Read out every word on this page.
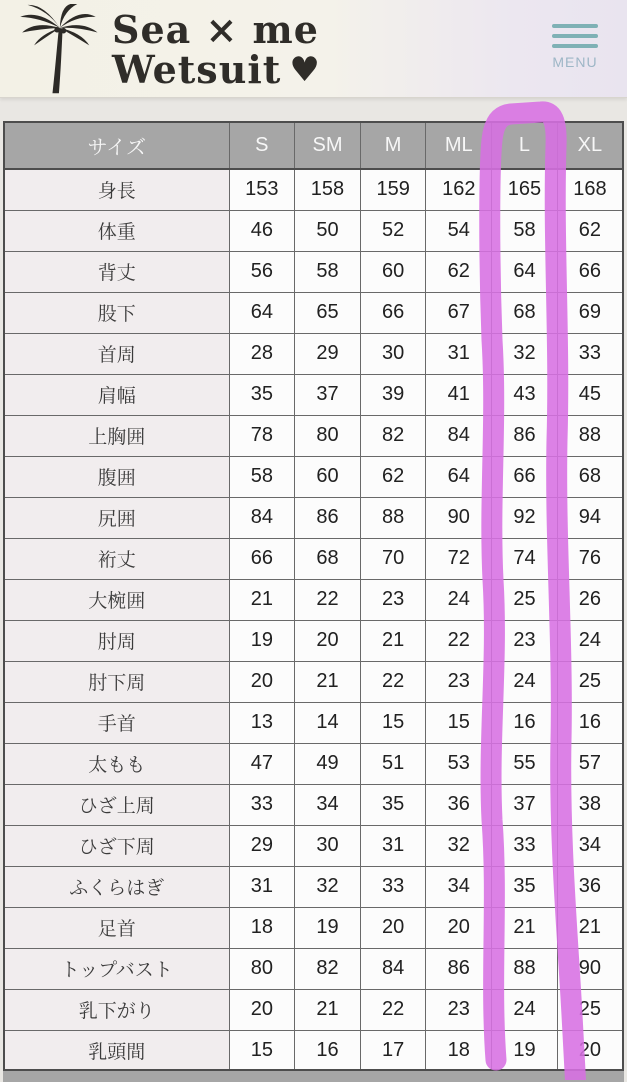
Sea × me
Wetsuit ♥	MENU
サイズ	S	SM	M	ML	L	XL
身長	153	158	159	162	165	168
体重	46	50	52	54	58	62
背丈	56	58	60	62	64	66
股下	64	65	66	67	68	69
首周	28	29	30	31	32	33
肩幅	35	37	39	41	43	45
上胸囲	78	80	82	84	86	88
腹囲	58	60	62	64	66	68
尻囲	84	86	88	90	92	94
裄丈	66	68	70	72	74	76
大椀囲	21	22	23	24	25	26
肘周	19	20	21	22	23	24
肘下周	20	21	22	23	24	25
手首	13	14	15	15	16	16
太もも	47	49	51	53	55	57
ひざ上周	33	34	35	36	37	38
ひざ下周	29	30	31	32	33	34
ふくらはぎ	31	32	33	34	35	36
足首	18	19	20	20	21	21
トップバスト	80	82	84	86	88	90
乳下がり	20	21	22	23	24	25
乳頭間	15	16	17	18	19	20
